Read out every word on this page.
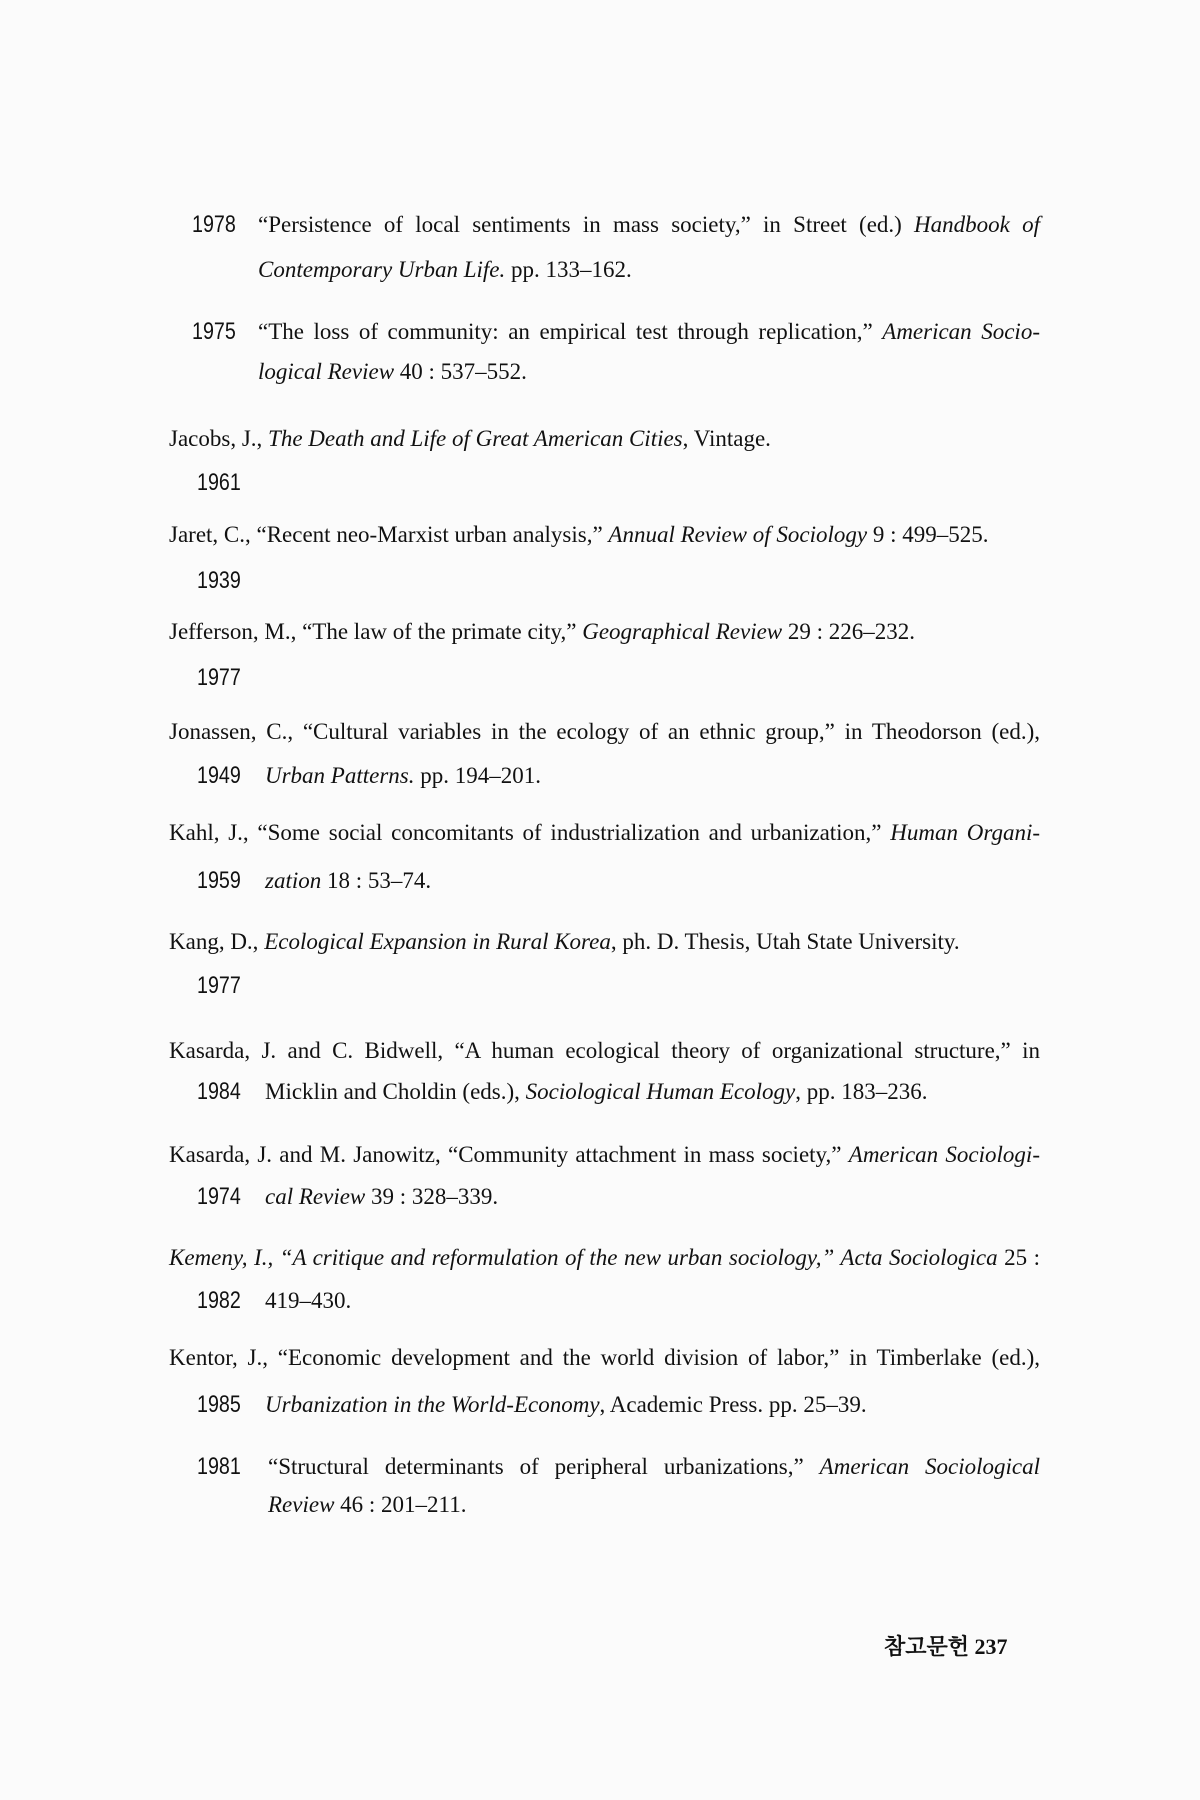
1978 “Persistence of local sentiments in mass society,” in Street (ed.) Handbook of
Contemporary Urban Life. pp. 133–162.
1975 “The loss of community: an empirical test through replication,” American Socio-
logical Review 40 : 537–552.
Jacobs, J., The Death and Life of Great American Cities, Vintage.
1961
Jaret, C., “Recent neo-Marxist urban analysis,” Annual Review of Sociology 9 : 499–525.
1939
Jefferson, M., “The law of the primate city,” Geographical Review 29 : 226–232.
1977
Jonassen, C., “Cultural variables in the ecology of an ethnic group,” in Theodorson (ed.),
1949 Urban Patterns. pp. 194–201.
Kahl, J., “Some social concomitants of industrialization and urbanization,” Human Organi-
1959 zation 18 : 53–74.
Kang, D., Ecological Expansion in Rural Korea, ph. D. Thesis, Utah State University.
1977
Kasarda, J. and C. Bidwell, “A human ecological theory of organizational structure,” in
1984 Micklin and Choldin (eds.), Sociological Human Ecology, pp. 183–236.
Kasarda, J. and M. Janowitz, “Community attachment in mass society,” American Sociologi-
1974 cal Review 39 : 328–339.
Kemeny, I., “A critique and reformulation of the new urban sociology,” Acta Sociologica 25 :
1982 419–430.
Kentor, J., “Economic development and the world division of labor,” in Timberlake (ed.),
1985 Urbanization in the World-Economy, Academic Press. pp. 25–39.
1981 “Structural determinants of peripheral urbanizations,” American Sociological
Review 46 : 201–211.
참고문헌 237
